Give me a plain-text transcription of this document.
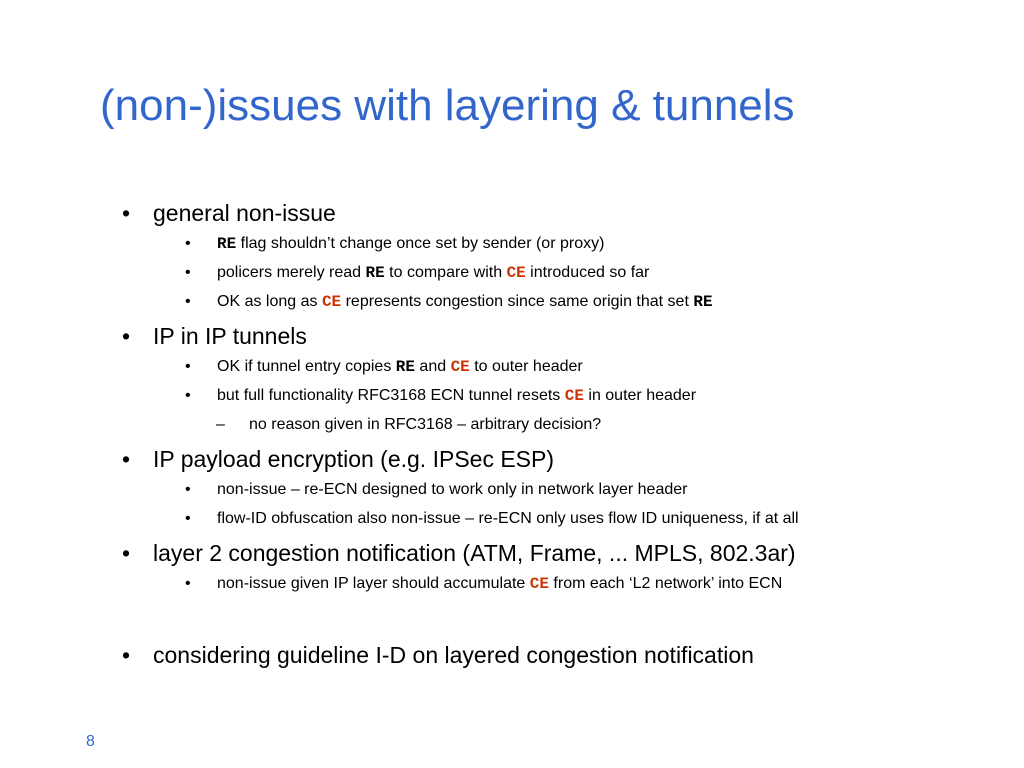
(non-)issues with layering & tunnels
• general non-issue
• RE flag shouldn’t change once set by sender (or proxy)
• policers merely read RE to compare with CE introduced so far
• OK as long as CE represents congestion since same origin that set RE
• IP in IP tunnels
• OK if tunnel entry copies RE and CE to outer header
• but full functionality RFC3168 ECN tunnel resets CE in outer header
– no reason given in RFC3168 – arbitrary decision?
• IP payload encryption (e.g. IPSec ESP)
• non-issue – re-ECN designed to work only in network layer header
• flow-ID obfuscation also non-issue – re-ECN only uses flow ID uniqueness, if at all
• layer 2 congestion notification (ATM, Frame, ... MPLS, 802.3ar)
• non-issue given IP layer should accumulate CE from each ‘L2 network’ into ECN
• considering guideline I-D on layered congestion notification
8
